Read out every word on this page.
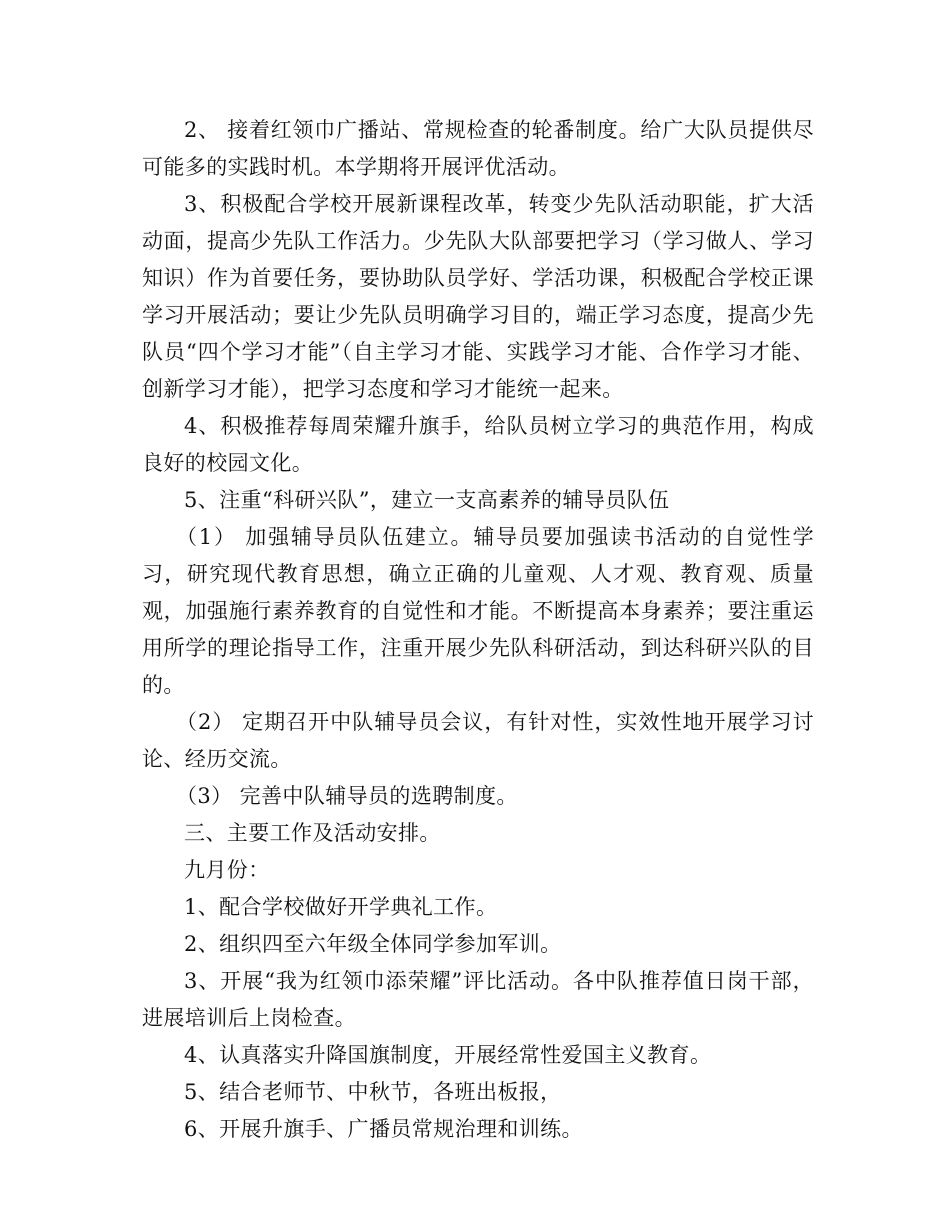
2、 接着红领巾广播站、常规检查的轮番制度。给广大队员提供尽可能多的实践时机。本学期将开展评优活动。

3、积极配合学校开展新课程改革，转变少先队活动职能，扩大活动面，提高少先队工作活力。少先队大队部要把学习（学习做人、学习知识）作为首要任务，要协助队员学好、学活功课，积极配合学校正课学习开展活动；要让少先队员明确学习目的，端正学习态度，提高少先队员“四个学习才能”（自主学习才能、实践学习才能、合作学习才能、创新学习才能），把学习态度和学习才能统一起来。

4、积极推荐每周荣耀升旗手，给队员树立学习的典范作用，构成良好的校园文化。

5、注重“科研兴队”，建立一支高素养的辅导员队伍

（1） 加强辅导员队伍建立。辅导员要加强读书活动的自觉性学习，研究现代教育思想，确立正确的儿童观、人才观、教育观、质量观，加强施行素养教育的自觉性和才能。不断提高本身素养；要注重运用所学的理论指导工作，注重开展少先队科研活动，到达科研兴队的目的。

（2） 定期召开中队辅导员会议，有针对性，实效性地开展学习讨论、经历交流。

（3） 完善中队辅导员的选聘制度。

三、主要工作及活动安排。

九月份：

1、配合学校做好开学典礼工作。

2、组织四至六年级全体同学参加军训。

3、开展“我为红领巾添荣耀”评比活动。各中队推荐值日岗干部，进展培训后上岗检查。

4、认真落实升降国旗制度，开展经常性爱国主义教育。

5、结合老师节、中秋节，各班出板报，

6、开展升旗手、广播员常规治理和训练。
